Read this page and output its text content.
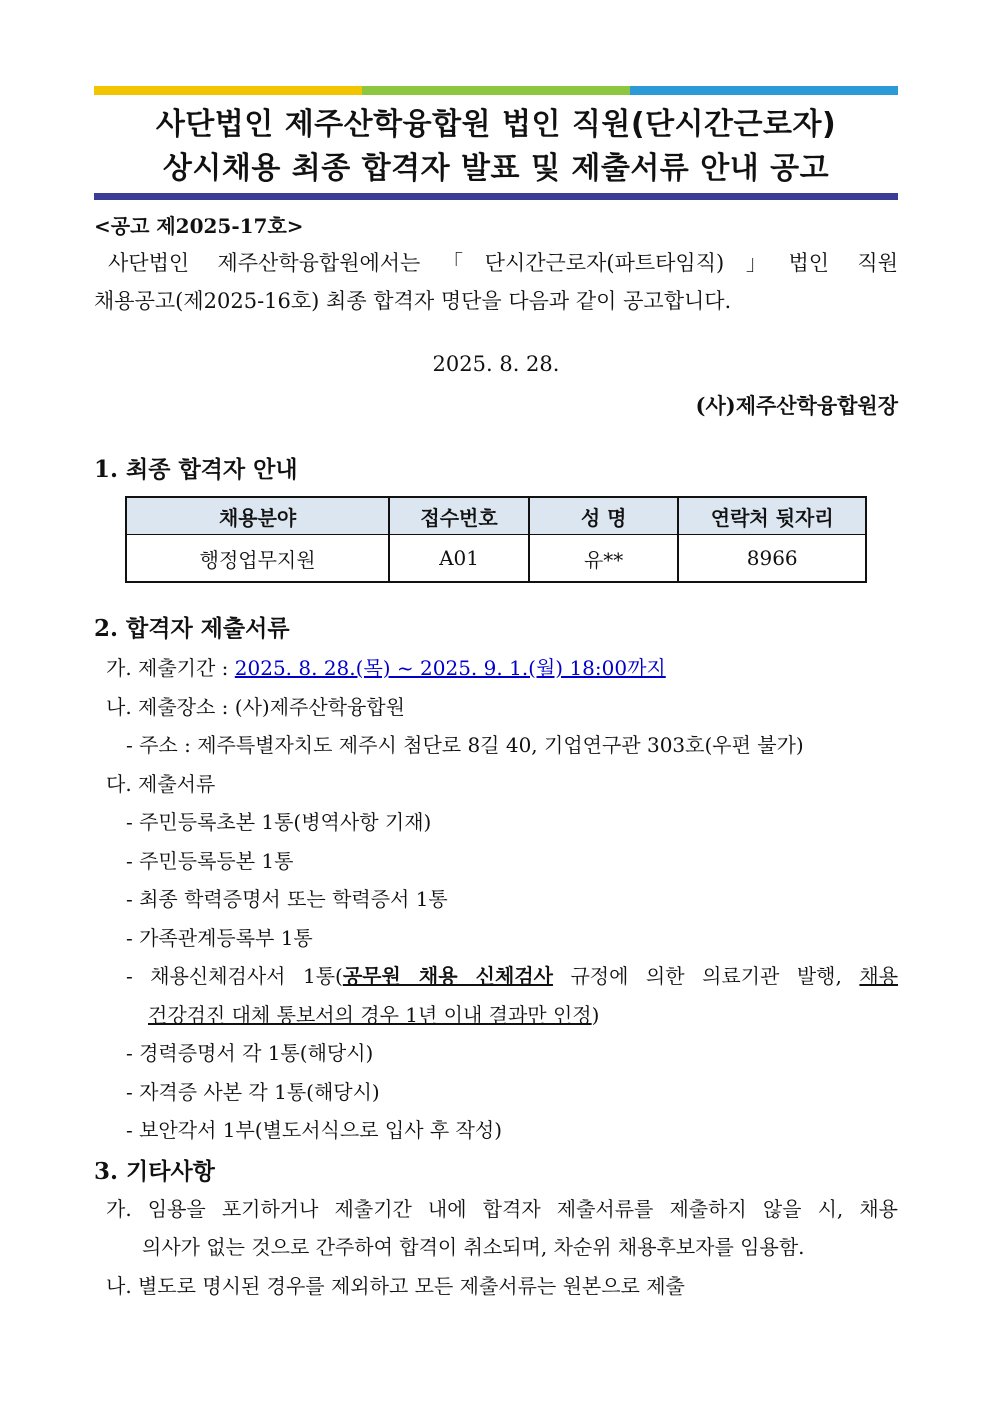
사단법인 제주산학융합원 법인 직원(단시간근로자)
상시채용 최종 합격자 발표 및 제출서류 안내 공고
<공고 제2025-17호>
사단법인 제주산학융합원에서는「단시간근로자(파트타임직)」법인 직원
채용공고(제2025-16호) 최종 합격자 명단을 다음과 같이 공고합니다.
2025. 8. 28.
(사)제주산학융합원장
1. 최종 합격자 안내
채용분야	접수번호	성 명	연락처 뒷자리
행정업무지원	A01	유**	8966
2. 합격자 제출서류
가. 제출기간 : 2025. 8. 28.(목) ~ 2025. 9. 1.(월) 18:00까지
나. 제출장소 : (사)제주산학융합원
- 주소 : 제주특별자치도 제주시 첨단로 8길 40, 기업연구관 303호(우편 불가)
다. 제출서류
- 주민등록초본 1통(병역사항 기재)
- 주민등록등본 1통
- 최종 학력증명서 또는 학력증서 1통
- 가족관계등록부 1통
- 채용신체검사서 1통(공무원 채용 신체검사 규정에 의한 의료기관 발행, 채용
건강검진 대체 통보서의 경우 1년 이내 결과만 인정)
- 경력증명서 각 1통(해당시)
- 자격증 사본 각 1통(해당시)
- 보안각서 1부(별도서식으로 입사 후 작성)
3. 기타사항
가. 임용을 포기하거나 제출기간 내에 합격자 제출서류를 제출하지 않을 시, 채용
의사가 없는 것으로 간주하여 합격이 취소되며, 차순위 채용후보자를 임용함.
나. 별도로 명시된 경우를 제외하고 모든 제출서류는 원본으로 제출
